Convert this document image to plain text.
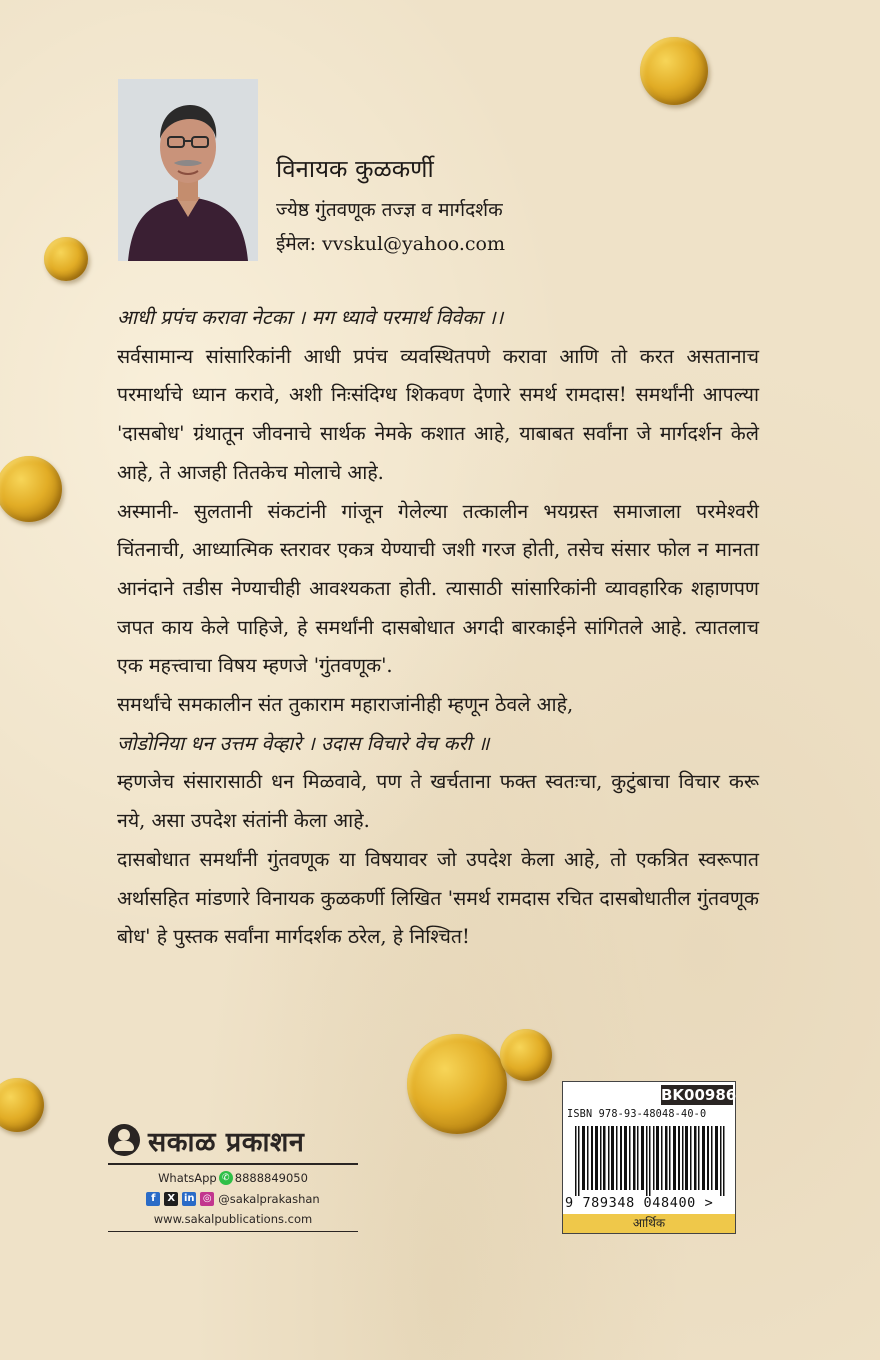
विनायक कुळकर्णी
ज्येष्ठ गुंतवणूक तज्ज्ञ व मार्गदर्शक
ईमेल: vvskul@yahoo.com

आधी प्रपंच करावा नेटका । मग ध्यावे परमार्थ विवेका ।।

सर्वसामान्य सांसारिकांनी आधी प्रपंच व्यवस्थितपणे करावा आणि तो करत असतानाच परमार्थाचे ध्यान करावे, अशी निःसंदिग्ध शिकवण देणारे समर्थ रामदास! समर्थांनी आपल्या 'दासबोध' ग्रंथातून जीवनाचे सार्थक नेमके कशात आहे, याबाबत सर्वांना जे मार्गदर्शन केले आहे, ते आजही तितकेच मोलाचे आहे.

अस्मानी- सुलतानी संकटांनी गांजून गेलेल्या तत्कालीन भयग्रस्त समाजाला परमेश्वरी चिंतनाची, आध्यात्मिक स्तरावर एकत्र येण्याची जशी गरज होती, तसेच संसार फोल न मानता आनंदाने तडीस नेण्याचीही आवश्यकता होती. त्यासाठी सांसारिकांनी व्यावहारिक शहाणपण जपत काय केले पाहिजे, हे समर्थांनी दासबोधात अगदी बारकाईने सांगितले आहे. त्यातलाच एक महत्त्वाचा विषय म्हणजे 'गुंतवणूक'.

समर्थांचे समकालीन संत तुकाराम महाराजांनीही म्हणून ठेवले आहे,

जोडोनिया धन उत्तम वेव्हारे । उदास विचारे वेच करी ॥

म्हणजेच संसारासाठी धन मिळवावे, पण ते खर्चताना फक्त स्वतःचा, कुटुंबाचा विचार करू नये, असा उपदेश संतांनी केला आहे.

दासबोधात समर्थांनी गुंतवणूक या विषयावर जो उपदेश केला आहे, तो एकत्रित स्वरूपात अर्थासहित मांडणारे विनायक कुळकर्णी लिखित 'समर्थ रामदास रचित दासबोधातील गुंतवणूक बोध' हे पुस्तक सर्वांना मार्गदर्शक ठरेल, हे निश्चित!

सकाळ प्रकाशन
WhatsApp ✆ 8888849050
f	X in ◎ @sakalprakashan
www.sakalpublications.com
BK00986
ISBN 978-93-48048-40-0
9 789348 048400 >
आर्थिक
